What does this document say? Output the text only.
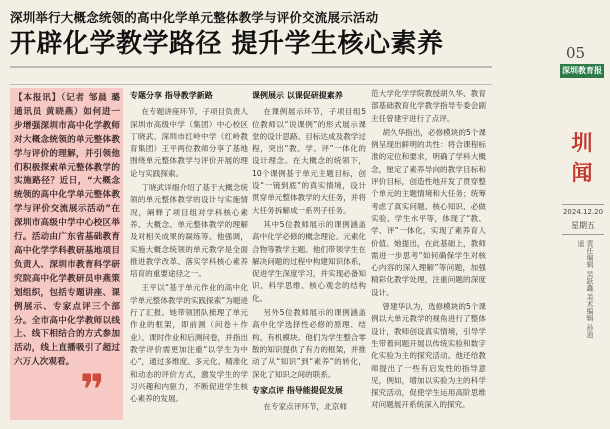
深圳举行大概念统领的高中化学单元整体教学与评价交流展示活动
开辟化学教学路径 提升学生核心素养
【本报讯】（记者 邹晨 璐 通讯员 黄晓燕）如何进一步增强深圳市高中化学教师对大概念统领的单元整体教学与评价的理解，并引领他们积极探索单元整体教学的实施路径？近日，“大概念统领的高中化学单元整体教学与评价交流展示活动”在深圳市高级中学中心校区举行。活动由广东省基础教育高中化学学科教研基地项目负责人、深圳市教育科学研究院高中化学教研员申燕策划组织，包括专题讲座、课例展示、专家点评三个部分。全市高中化学教师以线上、线下相结合的方式参加活动，线上直播吸引了超过六万人次观看。
❞
专题分享 指导教学新路

在专题讲座环节，子项目负责人深圳市高级中学（集团）中心校区丁晓武、深圳市红岭中学（红岭教育集团）王平两位教师分享了基地围绕单元整体教学与评价开展的理论与实践探索。

丁晓武详细介绍了基于大概念统领的单元整体教学的设计与实施情况，阐释了项目组对学科核心素养、大概念、单元整体教学的理解及对相关成果的凝练等。他强调，实施大概念统领的单元教学是全面推进教学改革、落实学科核心素养培育的重要途径之一。

王平以“基于单元作业的高中化学单元整体教学的实践探索”为题进行了汇报。她带领团队梳理了单元作业的框架，即前测（问卷＋作业）、课时作业和后测问卷，并指出教学评价需更加注重“以学生为中心”，通过多维度、多元化、精准化和动态的评价方式，激发学生的学习兴趣和内驱力，不断促进学生核心素养的发展。

课例展示 以课促研提素养

在课例展示环节，子项目组5位教师以“说课例”的形式展示课堂的设计思路、目标达成及教学过程，突出“教、学、评”一体化的设计理念。在大概念的统领下，10个课例基于单元主题目标，创设“一镜到底”的真实情境，设计贯穿单元整体教学的大任务，并将大任务拆解成一系列子任务。

其中5位教师展示的课例涵盖高中化学必修的概念理论、元素化合物等教学主题。他们带领学生在解决问题的过程中构建知识体系，促进学生深度学习，并实现必备知识、科学思维、核心观念的结构化。

另外5位教师展示的课例涵盖高中化学选择性必修的原理、结构、有机模块。他们为学生整合零散的知识提供了有力的框架，并推动了从“知识”到“素养”的转化，深化了知识之间的联系。

专家点评 指导能提促发展

在专家点评环节，北京师

范大学化学学院教授胡久华、教育部基础教育化学教学指导专委会副主任曾建宇进行了点评。

胡久华指出，必修模块的5个课例呈现出鲜明的共性：将合课程标准的定位和要求，明确了学科大概念，厘定了素养导向的教学目标和评价目标，创造性地开发了贯穿整个单元的主题情境和大任务；统筹考虑了真实问题、核心知识、必做实验、学生水平等，体现了“教、学、评”一体化，实现了素养育人价值。她提出，在此基础上，教师需进一步思考“如何确保学生对核心内容的深入理解”等问题，加强精彩化教学处理，注重问题的深度设计。

曾建华认为，选修模块的5个课例以大单元教学的视角进行了整体设计，教师创设真实情境，引导学生带着问题开展以传统实验和数字化实验为主的探究活动。他还给教师提出了一些有启发性的指导意见，例如，增加以实验为主的科学探究活动，促使学生运用高阶思维对问题展开系统深入的探究。

05
深圳教育报
圳闻
2024.12.20
星期五
责任编辑 吴跃鑫 美术编辑 孙逍遥
